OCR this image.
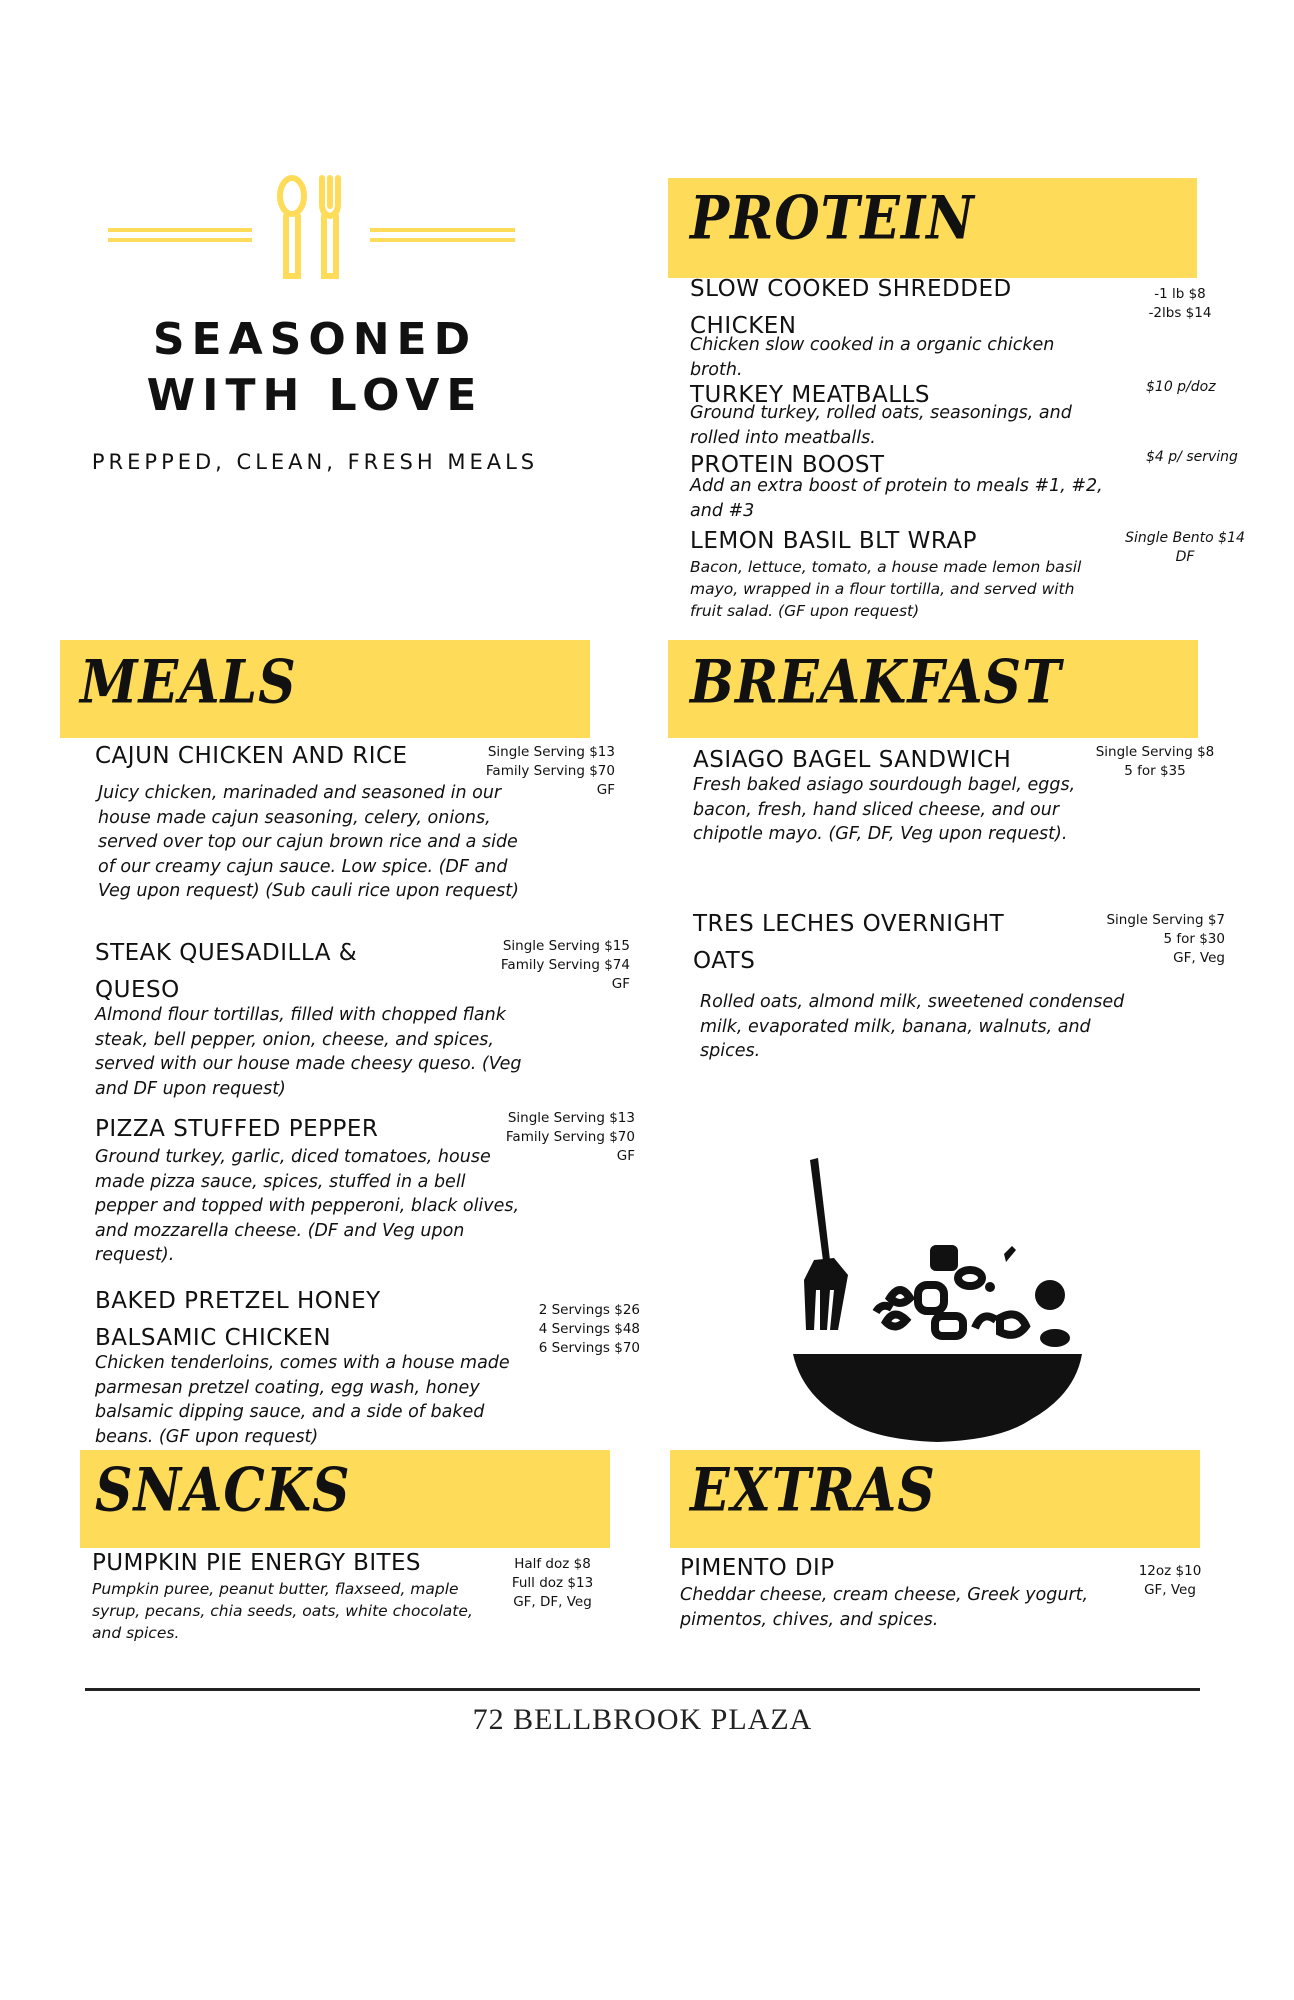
SEASONED WITH LOVE
PREPPED, CLEAN, FRESH MEALS
PROTEIN
SLOW COOKED SHREDDED CHICKEN
-1 lb $8
-2lbs $14
Chicken slow cooked in a organic chicken broth.
TURKEY MEATBALLS	$10 p/doz
Ground turkey, rolled oats, seasonings, and rolled into meatballs.
PROTEIN BOOST	$4 p/ serving
Add an extra boost of protein to meals #1, #2, and #3
LEMON BASIL BLT WRAP	Single Bento $14
DF
Bacon, lettuce, tomato, a house made lemon basil mayo, wrapped in a flour tortilla, and served with fruit salad. (GF upon request)
MEALS
CAJUN CHICKEN AND RICE	Single Serving $13
Family Serving $70
GF
Juicy chicken, marinaded and seasoned in our house made cajun seasoning, celery, onions, served over top our cajun brown rice and a side of our creamy cajun sauce. Low spice. (DF and Veg upon request) (Sub cauli rice upon request)
STEAK QUESADILLA & QUESO
Single Serving $15
Family Serving $74
GF
Almond flour tortillas, filled with chopped flank steak, bell pepper, onion, cheese, and spices, served with our house made cheesy queso. (Veg and DF upon request)
PIZZA STUFFED PEPPER	Single Serving $13
Family Serving $70
GF
Ground turkey, garlic, diced tomatoes, house made pizza sauce, spices, stuffed in a bell pepper and topped with pepperoni, black olives, and mozzarella cheese. (DF and Veg upon request).
BAKED PRETZEL HONEY BALSAMIC CHICKEN
2 Servings $26
4 Servings $48
6 Servings $70
Chicken tenderloins, comes with a house made parmesan pretzel coating, egg wash, honey balsamic dipping sauce, and a side of baked beans. (GF upon request)
BREAKFAST
ASIAGO BAGEL SANDWICH	Single Serving $8
5 for $35
Fresh baked asiago sourdough bagel, eggs, bacon, fresh, hand sliced cheese, and our chipotle mayo. (GF, DF, Veg upon request).
TRES LECHES OVERNIGHT OATS
Single Serving $7
5 for $30
GF, Veg
Rolled oats, almond milk, sweetened condensed milk, evaporated milk, banana, walnuts, and spices.
SNACKS
PUMPKIN PIE ENERGY BITES	Half doz $8
Full doz $13
GF, DF, Veg
Pumpkin puree, peanut butter, flaxseed, maple syrup, pecans, chia seeds, oats, white chocolate, and spices.
EXTRAS
PIMENTO DIP	12oz $10
GF, Veg
Cheddar cheese, cream cheese, Greek yogurt, pimentos, chives, and spices.
72 BELLBROOK PLAZA
